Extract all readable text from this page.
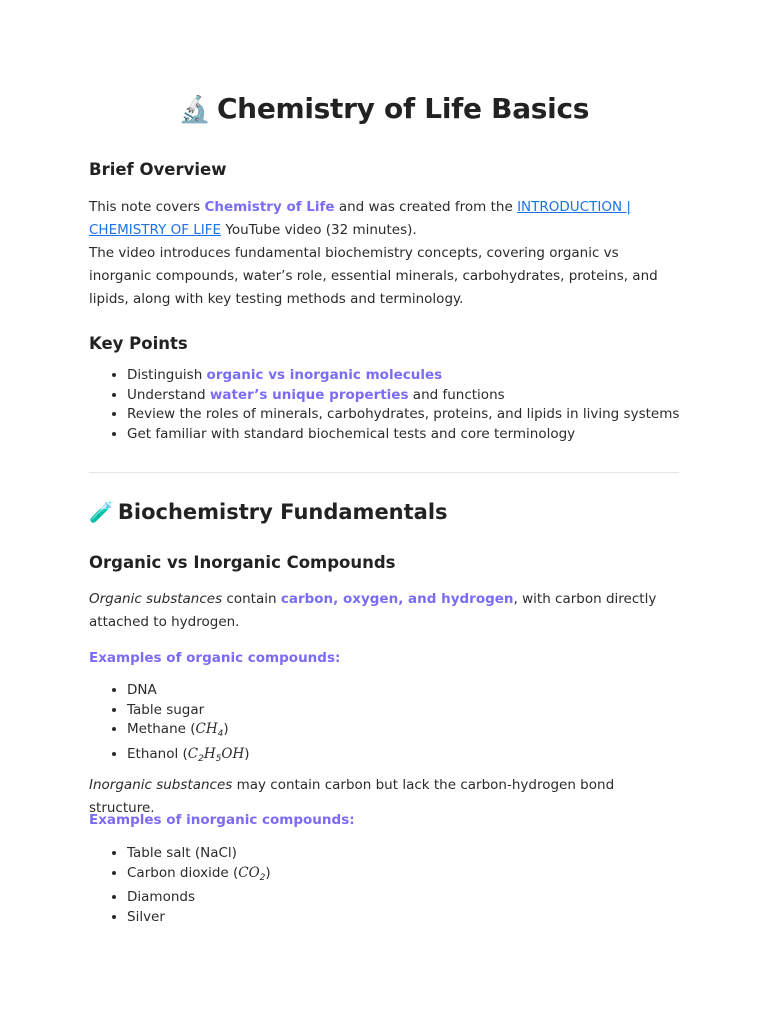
🔬 Chemistry of Life Basics
Brief Overview
This note covers Chemistry of Life and was created from the INTRODUCTION | CHEMISTRY OF LIFE YouTube video (32 minutes).
The video introduces fundamental biochemistry concepts, covering organic vs inorganic compounds, water’s role, essential minerals, carbohydrates, proteins, and lipids, along with key testing methods and terminology.
Key Points
• Distinguish organic vs inorganic molecules
• Understand water’s unique properties and functions
• Review the roles of minerals, carbohydrates, proteins, and lipids in living systems
• Get familiar with standard biochemical tests and core terminology
🧪 Biochemistry Fundamentals
Organic vs Inorganic Compounds
Organic substances contain carbon, oxygen, and hydrogen, with carbon directly attached to hydrogen.
Examples of organic compounds:
• DNA
• Table sugar
• Methane $(CH_4)$
• Ethanol $(C_2H_5OH)$
Inorganic substances may contain carbon but lack the carbon-hydrogen bond structure.
Examples of inorganic compounds:
• Table salt (NaCl)
• Carbon dioxide $(CO_2)$
• Diamonds
• Silver
